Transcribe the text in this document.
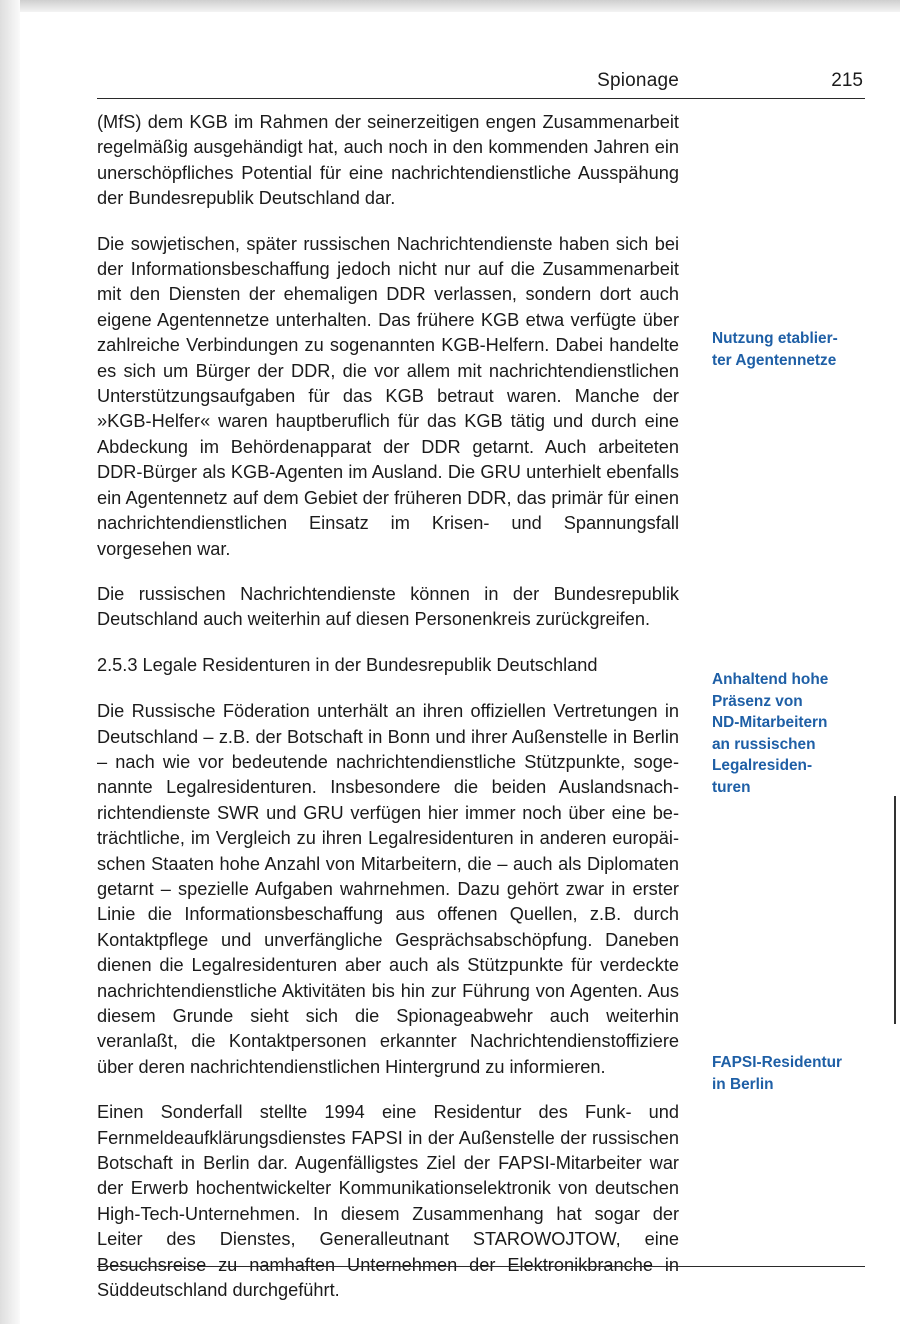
Spionage	215

(MfS) dem KGB im Rahmen der seinerzeitigen engen Zusammenarbeit regelmäßig ausgehändigt hat, auch noch in den kommenden Jahren ein unerschöpfliches Potential für eine nachrichtendienstliche Ausspähung der Bundesrepublik Deutschland dar.

Die sowjetischen, später russischen Nachrichtendienste haben sich bei der Informationsbeschaffung jedoch nicht nur auf die Zusammenarbeit mit den Diensten der ehemaligen DDR verlassen, sondern dort auch eigene Agentennetze unterhalten. Das frühere KGB etwa verfügte über zahlreiche Verbindungen zu sogenannten KGB-Helfern. Dabei handelte es sich um Bürger der DDR, die vor allem mit nachrichtendienstlichen Unterstützungsaufgaben für das KGB betraut waren. Manche der »KGB-Helfer« waren hauptberuflich für das KGB tätig und durch eine Abdeckung im Behördenapparat der DDR getarnt. Auch arbeiteten DDR-Bürger als KGB-Agenten im Ausland. Die GRU unterhielt ebenfalls ein Agentennetz auf dem Gebiet der früheren DDR, das primär für einen nachrichtendienstlichen Einsatz im Krisen- und Spannungsfall vorgesehen war.

Die russischen Nachrichtendienste können in der Bundesrepublik Deutschland auch weiterhin auf diesen Personenkreis zurückgreifen.

2.5.3 Legale Residenturen in der Bundesrepublik Deutschland

Die Russische Föderation unterhält an ihren offiziellen Vertretungen in Deutschland – z.B. der Botschaft in Bonn und ihrer Außenstelle in Berlin – nach wie vor bedeutende nachrichtendienstliche Stützpunkte, sogenannte Legalresidenturen. Insbesondere die beiden Auslandsnachrichtendienste SWR und GRU verfügen hier immer noch über eine beträchtliche, im Vergleich zu ihren Legalresidenturen in anderen europäischen Staaten hohe Anzahl von Mitarbeitern, die – auch als Diplomaten getarnt – spezielle Aufgaben wahrnehmen. Dazu gehört zwar in erster Linie die Informationsbeschaffung aus offenen Quellen, z.B. durch Kontaktpflege und unverfängliche Gesprächsabschöpfung. Daneben dienen die Legalresidenturen aber auch als Stützpunkte für verdeckte nachrichtendienstliche Aktivitäten bis hin zur Führung von Agenten. Aus diesem Grunde sieht sich die Spionageabwehr auch weiterhin veranlaßt, die Kontaktpersonen erkannter Nachrichtendienstoffiziere über deren nachrichtendienstlichen Hintergrund zu informieren.

Einen Sonderfall stellte 1994 eine Residentur des Funk- und Fernmeldeaufklärungsdienstes FAPSI in der Außenstelle der russischen Botschaft in Berlin dar. Augenfälligstes Ziel der FAPSI-Mitarbeiter war der Erwerb hochentwickelter Kommunikationselektronik von deutschen High-Tech-Unternehmen. In diesem Zusammenhang hat sogar der Leiter des Dienstes, Generalleutnant STAROWOJTOW, eine Besuchsreise zu namhaften Unternehmen der Elektronikbranche in Süddeutschland durchgeführt.

Nutzung etablier-
ter Agentennetze
Anhaltend hohe
Präsenz von
ND-Mitarbeitern
an russischen
Legalresiden-
turen
FAPSI-Residentur
in Berlin
